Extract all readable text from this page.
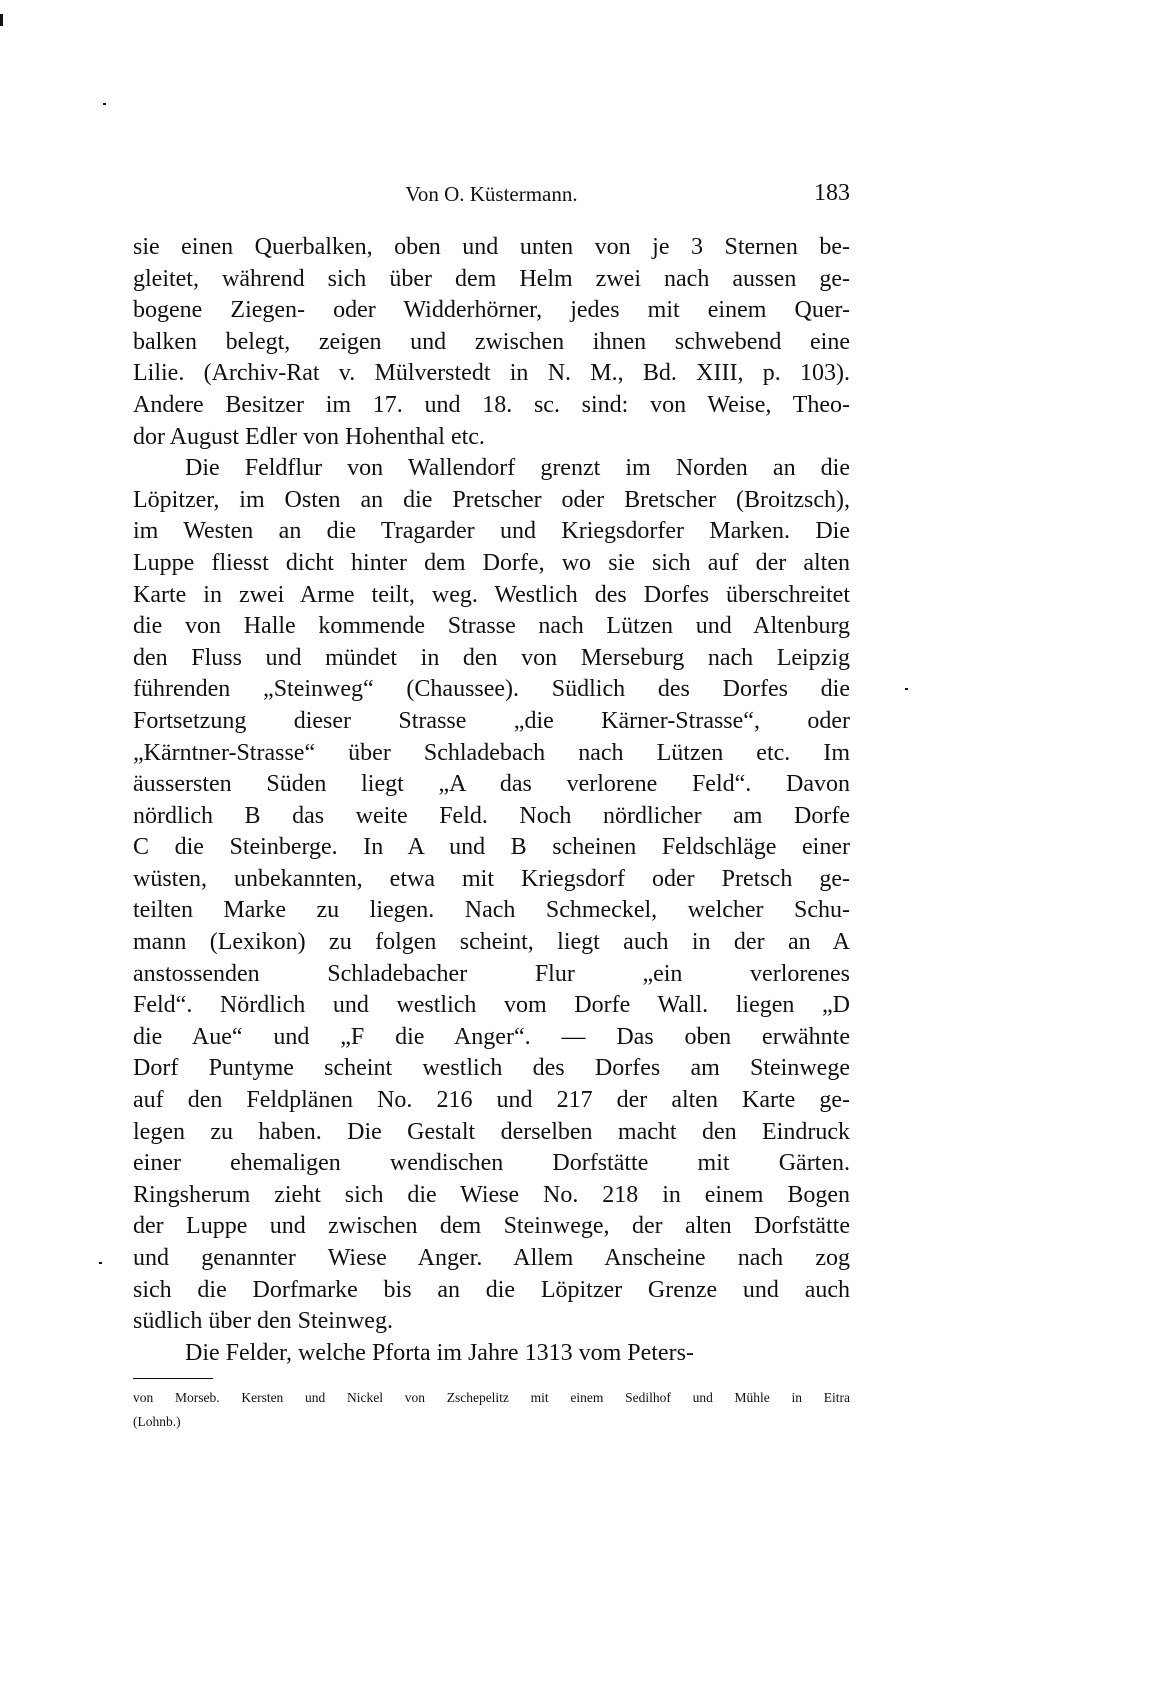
Von O. Küstermann.	183
sie einen Querbalken, oben und unten von je 3 Sternen be-
gleitet, während sich über dem Helm zwei nach aussen ge-
bogene Ziegen- oder Widderhörner, jedes mit einem Quer-
balken belegt, zeigen und zwischen ihnen schwebend eine
Lilie. (Archiv-Rat v. Mülverstedt in N. M., Bd. XIII, p. 103).
Andere Besitzer im 17. und 18. sc. sind: von Weise, Theo-
dor August Edler von Hohenthal etc.
Die Feldflur von Wallendorf grenzt im Norden an die
Löpitzer, im Osten an die Pretscher oder Bretscher (Broitzsch),
im Westen an die Tragarder und Kriegsdorfer Marken. Die
Luppe fliesst dicht hinter dem Dorfe, wo sie sich auf der alten
Karte in zwei Arme teilt, weg. Westlich des Dorfes überschreitet
die von Halle kommende Strasse nach Lützen und Altenburg
den Fluss und mündet in den von Merseburg nach Leipzig
führenden „Steinweg“ (Chaussee). Südlich des Dorfes die
Fortsetzung dieser Strasse „die Kärner-Strasse“, oder
„Kärntner-Strasse“ über Schladebach nach Lützen etc. Im
äussersten Süden liegt „A das verlorene Feld“. Davon
nördlich B das weite Feld. Noch nördlicher am Dorfe
C die Steinberge. In A und B scheinen Feldschläge einer
wüsten, unbekannten, etwa mit Kriegsdorf oder Pretsch ge-
teilten Marke zu liegen. Nach Schmeckel, welcher Schu-
mann (Lexikon) zu folgen scheint, liegt auch in der an A
anstossenden Schladebacher Flur „ein verlorenes
Feld“. Nördlich und westlich vom Dorfe Wall. liegen „D
die Aue“ und „F die Anger“. — Das oben erwähnte
Dorf Puntyme scheint westlich des Dorfes am Steinwege
auf den Feldplänen No. 216 und 217 der alten Karte ge-
legen zu haben. Die Gestalt derselben macht den Eindruck
einer ehemaligen wendischen Dorfstätte mit Gärten.
Ringsherum zieht sich die Wiese No. 218 in einem Bogen
der Luppe und zwischen dem Steinwege, der alten Dorfstätte
und genannter Wiese Anger. Allem Anscheine nach zog
sich die Dorfmarke bis an die Löpitzer Grenze und auch
südlich über den Steinweg.
Die Felder, welche Pforta im Jahre 1313 vom Peters-
von Morseb. Kersten und Nickel von Zschepelitz mit einem Sedilhof und Mühle in Eitra
(Lohnb.)
